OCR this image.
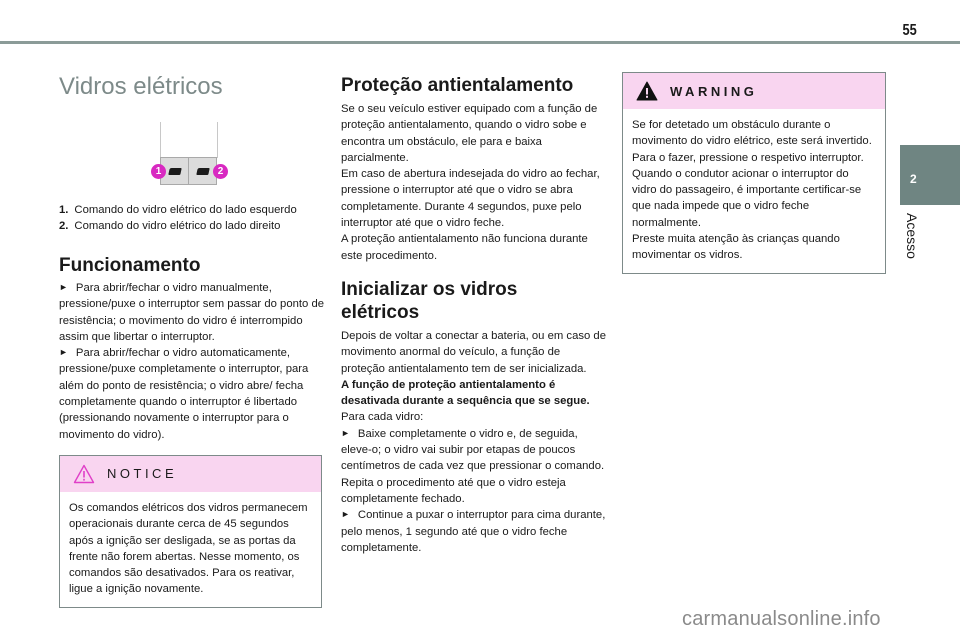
55
2
Acesso
Vidros elétricos
1	2
1. Comando do vidro elétrico do lado esquerdo
2. Comando do vidro elétrico do lado direito
Funcionamento

► Para abrir/fechar o vidro manualmente, pressione/puxe o interruptor sem passar do ponto de resistência; o movimento do vidro é interrompido assim que libertar o interruptor.

► Para abrir/fechar o vidro automaticamente, pressione/puxe completamente o interruptor, para além do ponto de resistência; o vidro abre/ fecha completamente quando o interruptor é libertado (pressionando novamente o interruptor para o movimento do vidro).

NOTICE
Os comandos elétricos dos vidros permanecem operacionais durante cerca de 45 segundos após a ignição ser desligada, se as portas da frente não forem abertas. Nesse momento, os comandos são desativados. Para os reativar, ligue a ignição novamente.
Proteção antientalamento

Se o seu veículo estiver equipado com a função de proteção antientalamento, quando o vidro sobe e encontra um obstáculo, ele para e baixa parcialmente.

Em caso de abertura indesejada do vidro ao fechar, pressione o interruptor até que o vidro se abra completamente. Durante 4 segundos, puxe pelo interruptor até que o vidro feche.

A proteção antientalamento não funciona durante este procedimento.

Inicializar os vidros elétricos

Depois de voltar a conectar a bateria, ou em caso de movimento anormal do veículo, a função de proteção antientalamento tem de ser inicializada.

A função de proteção antientalamento é desativada durante a sequência que se segue.

Para cada vidro:

► Baixe completamente o vidro e, de seguida, eleve-o; o vidro vai subir por etapas de poucos centímetros de cada vez que pressionar o comando. Repita o procedimento até que o vidro esteja completamente fechado.

► Continue a puxar o interruptor para cima durante, pelo menos, 1 segundo até que o vidro feche completamente.

WARNING

Se for detetado um obstáculo durante o movimento do vidro elétrico, este será invertido. Para o fazer, pressione o respetivo interruptor.

Quando o condutor acionar o interruptor do vidro do passageiro, é importante certificar-se que nada impede que o vidro feche normalmente.

Preste muita atenção às crianças quando movimentar os vidros.

carmanualsonline.info
